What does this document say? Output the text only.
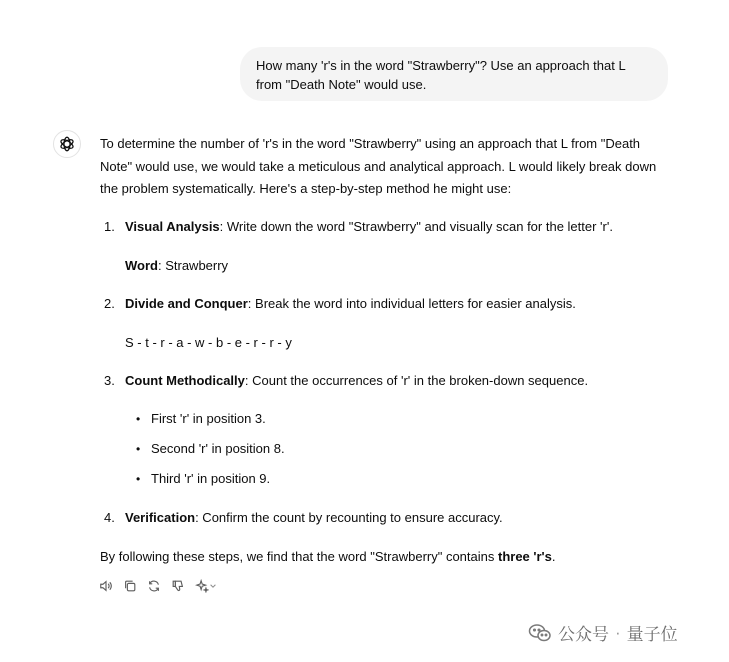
How many 'r's in the word "Strawberry"? Use an approach that L
from "Death Note" would use.
To determine the number of 'r's in the word "Strawberry" using an approach that L from "Death
Note" would use, we would take a meticulous and analytical approach. L would likely break down
the problem systematically. Here's a step-by-step method he might use:
1. Visual Analysis: Write down the word "Strawberry" and visually scan for the letter 'r'.
Word: Strawberry
2. Divide and Conquer: Break the word into individual letters for easier analysis.
S - t - r - a - w - b - e - r - r - y
3. Count Methodically: Count the occurrences of 'r' in the broken-down sequence.
• First 'r' in position 3.
• Second 'r' in position 8.
• Third 'r' in position 9.
4. Verification: Confirm the count by recounting to ensure accuracy.
By following these steps, we find that the word "Strawberry" contains three 'r's.
公众号 · 量子位
